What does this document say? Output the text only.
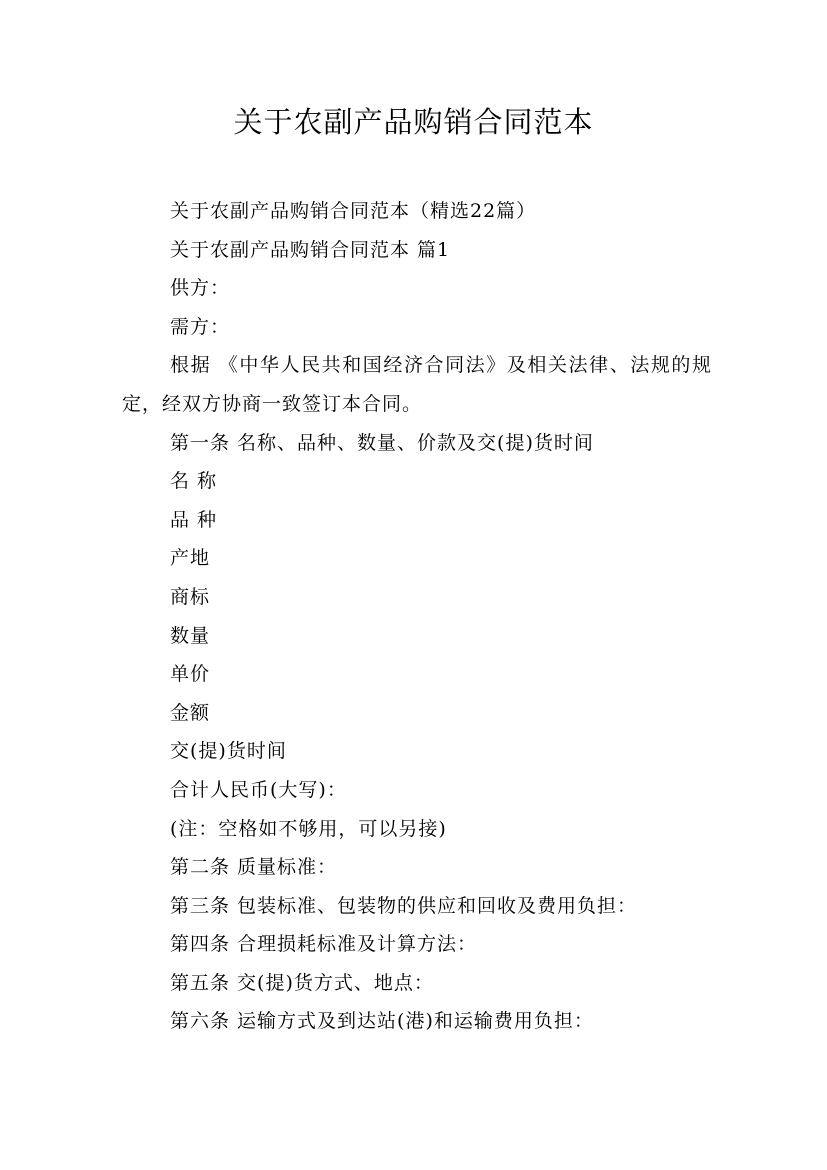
关于农副产品购销合同范本

关于农副产品购销合同范本（精选22篇）

关于农副产品购销合同范本 篇1

供方：

需方：

根据 《中华人民共和国经济合同法》及相关法律、法规的规定，经双方协商一致签订本合同。

第一条 名称、品种、数量、价款及交(提)货时间

名 称

品 种

产地

商标

数量

单价

金额

交(提)货时间

合计人民币(大写)：

(注：空格如不够用，可以另接)

第二条 质量标准：

第三条 包装标准、包装物的供应和回收及费用负担：

第四条 合理损耗标准及计算方法：

第五条 交(提)货方式、地点：

第六条 运输方式及到达站(港)和运输费用负担：
